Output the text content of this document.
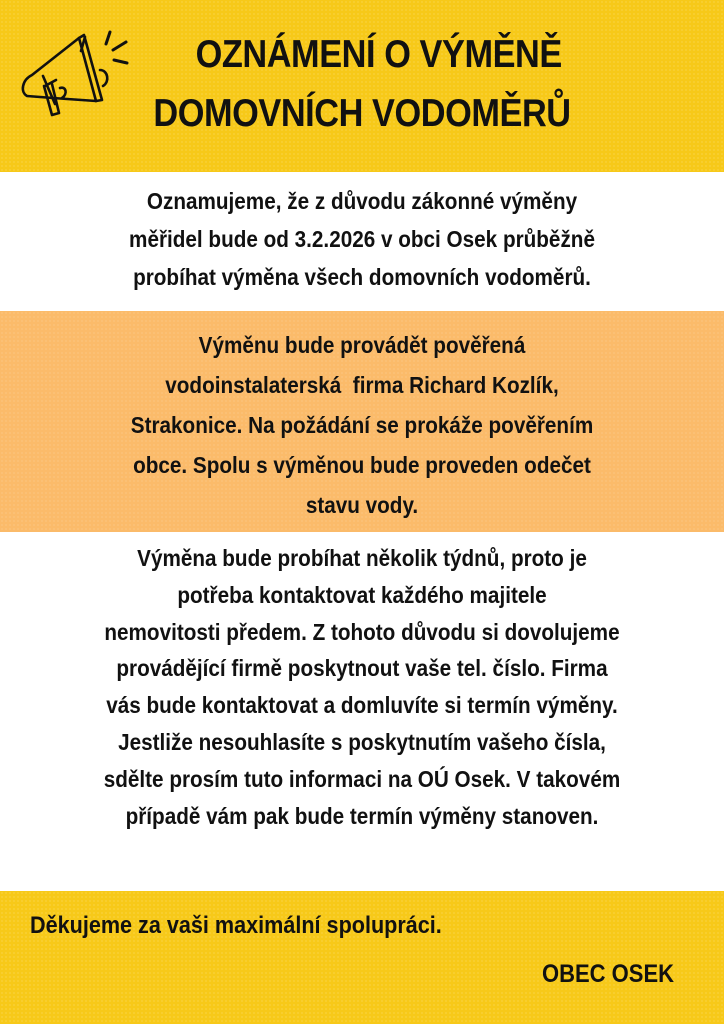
OZNÁMENÍ O VÝMĚNĚ
DOMOVNÍCH VODOMĚRŮ

Oznamujeme, že z důvodu zákonné výměny
měřidel bude od 3.2.2026 v obci Osek průběžně
probíhat výměna všech domovních vodoměrů.

Výměnu bude provádět pověřená
vodoinstalaterská  firma Richard Kozlík,
Strakonice. Na požádání se prokáže pověřením
obce. Spolu s výměnou bude proveden odečet
stavu vody.

Výměna bude probíhat několik týdnů, proto je
potřeba kontaktovat každého majitele
nemovitosti předem. Z tohoto důvodu si dovolujeme
provádějící firmě poskytnout vaše tel. číslo. Firma
vás bude kontaktovat a domluvíte si termín výměny.
Jestliže nesouhlasíte s poskytnutím vašeho čísla,
sdělte prosím tuto informaci na OÚ Osek. V takovém
případě vám pak bude termín výměny stanoven.

Děkujeme za vaši maximální spolupráci.

OBEC OSEK
